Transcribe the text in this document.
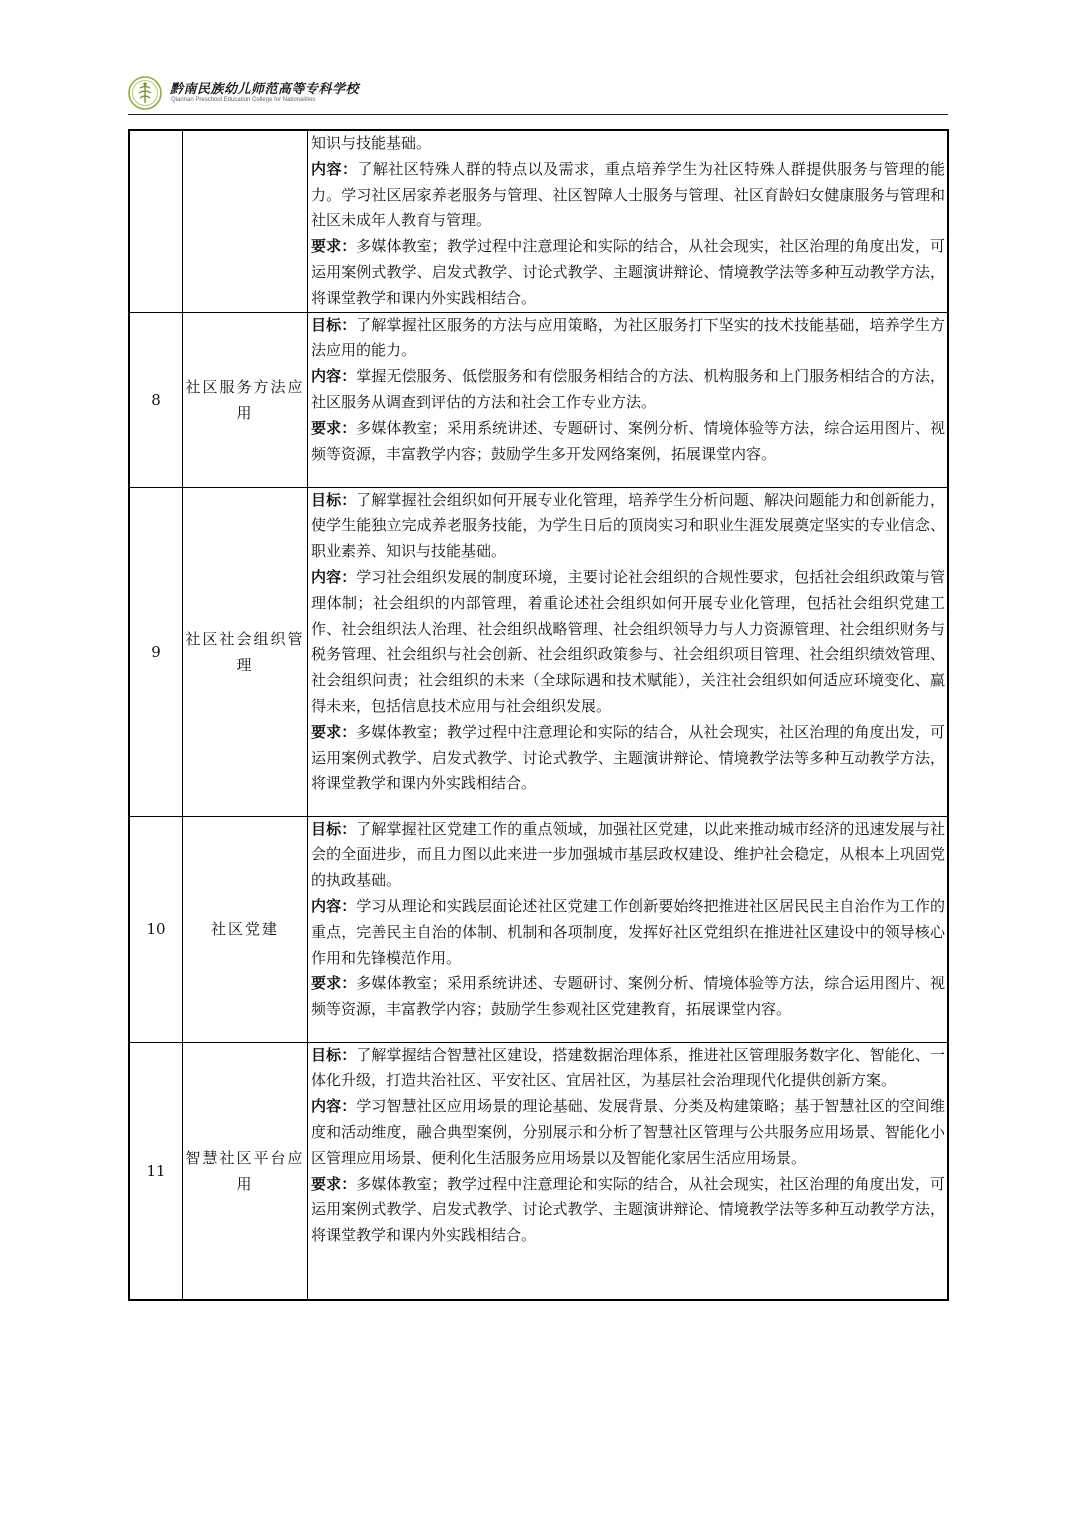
黔南民族幼儿师范高等专科学校
Qiannan Preschool Education College for Nationalities

		知识与技能基础。

内容：了解社区特殊人群的特点以及需求，重点培养学生为社区特殊人群提供服务与管理的能力。学习社区居家养老服务与管理、社区智障人士服务与管理、社区育龄妇女健康服务与管理和社区未成年人教育与管理。

要求：多媒体教室；教学过程中注意理论和实际的结合，从社会现实，社区治理的角度出发，可运用案例式教学、启发式教学、讨论式教学、主题演讲辩论、情境教学法等多种互动教学方法，将课堂教学和课内外实践相结合。

8	社区服务方法应用	目标：了解掌握社区服务的方法与应用策略，为社区服务打下坚实的技术技能基础，培养学生方法应用的能力。

内容：掌握无偿服务、低偿服务和有偿服务相结合的方法、机构服务和上门服务相结合的方法，社区服务从调查到评估的方法和社会工作专业方法。

要求：多媒体教室；采用系统讲述、专题研讨、案例分析、情境体验等方法，综合运用图片、视频等资源，丰富教学内容；鼓励学生多开发网络案例，拓展课堂内容。

9	社区社会组织管理	目标：了解掌握社会组织如何开展专业化管理，培养学生分析问题、解决问题能力和创新能力，使学生能独立完成养老服务技能，为学生日后的顶岗实习和职业生涯发展奠定坚实的专业信念、职业素养、知识与技能基础。

内容：学习社会组织发展的制度环境，主要讨论社会组织的合规性要求，包括社会组织政策与管理体制；社会组织的内部管理，着重论述社会组织如何开展专业化管理，包括社会组织党建工作、社会组织法人治理、社会组织战略管理、社会组织领导力与人力资源管理、社会组织财务与税务管理、社会组织与社会创新、社会组织政策参与、社会组织项目管理、社会组织绩效管理、社会组织问责；社会组织的未来（全球际遇和技术赋能），关注社会组织如何适应环境变化、赢得未来，包括信息技术应用与社会组织发展。

要求：多媒体教室；教学过程中注意理论和实际的结合，从社会现实，社区治理的角度出发，可运用案例式教学、启发式教学、讨论式教学、主题演讲辩论、情境教学法等多种互动教学方法，将课堂教学和课内外实践相结合。

10	社区党建	目标：了解掌握社区党建工作的重点领域，加强社区党建，以此来推动城市经济的迅速发展与社会的全面进步，而且力图以此来进一步加强城市基层政权建设、维护社会稳定，从根本上巩固党的执政基础。

内容：学习从理论和实践层面论述社区党建工作创新要始终把推进社区居民民主自治作为工作的重点，完善民主自治的体制、机制和各项制度，发挥好社区党组织在推进社区建设中的领导核心作用和先锋模范作用。

要求：多媒体教室；采用系统讲述、专题研讨、案例分析、情境体验等方法，综合运用图片、视频等资源，丰富教学内容；鼓励学生参观社区党建教育，拓展课堂内容。

11	智慧社区平台应用	目标：了解掌握结合智慧社区建设，搭建数据治理体系，推进社区管理服务数字化、智能化、一体化升级，打造共治社区、平安社区、宜居社区，为基层社会治理现代化提供创新方案。

内容：学习智慧社区应用场景的理论基础、发展背景、分类及构建策略；基于智慧社区的空间维度和活动维度，融合典型案例，分别展示和分析了智慧社区管理与公共服务应用场景、智能化小区管理应用场景、便利化生活服务应用场景以及智能化家居生活应用场景。

要求：多媒体教室；教学过程中注意理论和实际的结合，从社会现实，社区治理的角度出发，可运用案例式教学、启发式教学、讨论式教学、主题演讲辩论、情境教学法等多种互动教学方法，将课堂教学和课内外实践相结合。
